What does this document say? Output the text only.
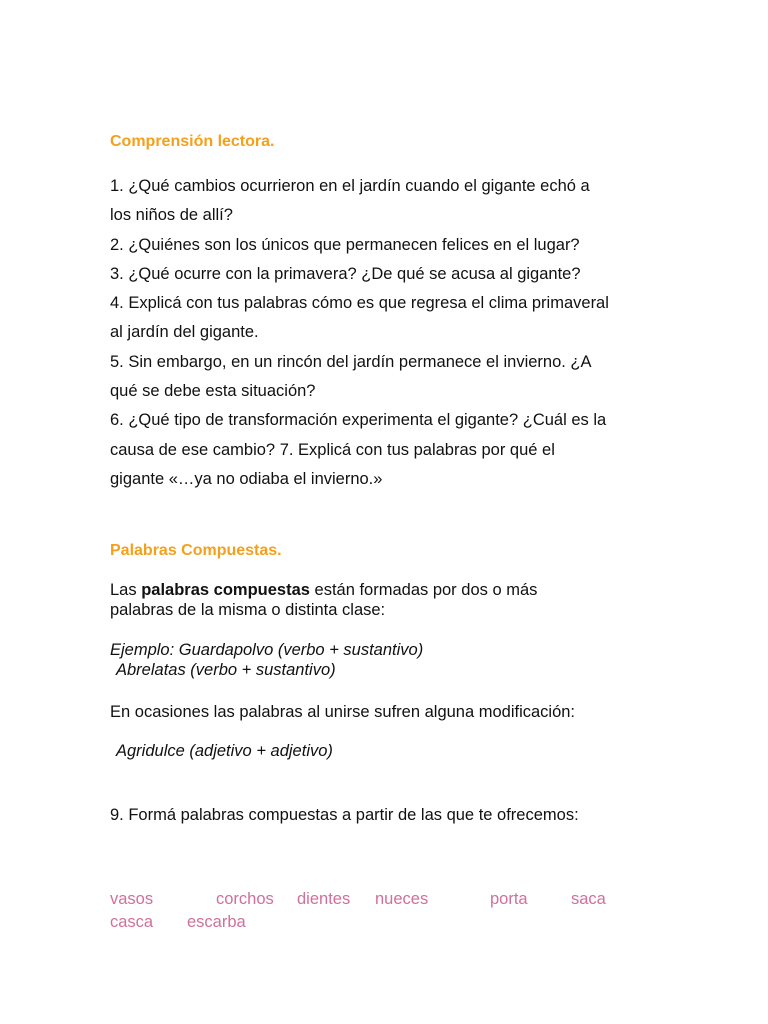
Comprensión lectora.

1. ¿Qué cambios ocurrieron en el jardín cuando el gigante echó a

los niños de allí?

2. ¿Quiénes son los únicos que permanecen felices en el lugar?

3. ¿Qué ocurre con la primavera? ¿De qué se acusa al gigante?

4. Explicá con tus palabras cómo es que regresa el clima primaveral

al jardín del gigante.

5. Sin embargo, en un rincón del jardín permanece el invierno. ¿A

qué se debe esta situación?

6. ¿Qué tipo de transformación experimenta el gigante? ¿Cuál es la

causa de ese cambio? 7. Explicá con tus palabras por qué el

gigante «…ya no odiaba el invierno.»

Palabras Compuestas.
Las palabras compuestas están formadas por dos o más
palabras de la misma o distinta clase:
Ejemplo: Guardapolvo (verbo + sustantivo)
Abrelatas (verbo + sustantivo)
En ocasiones las palabras al unirse sufren alguna modificación:
Agridulce (adjetivo + adjetivo)
9. Formá palabras compuestas a partir de las que te ofrecemos:
vasos	corchos dientes nueces	porta	saca
casca escarba
